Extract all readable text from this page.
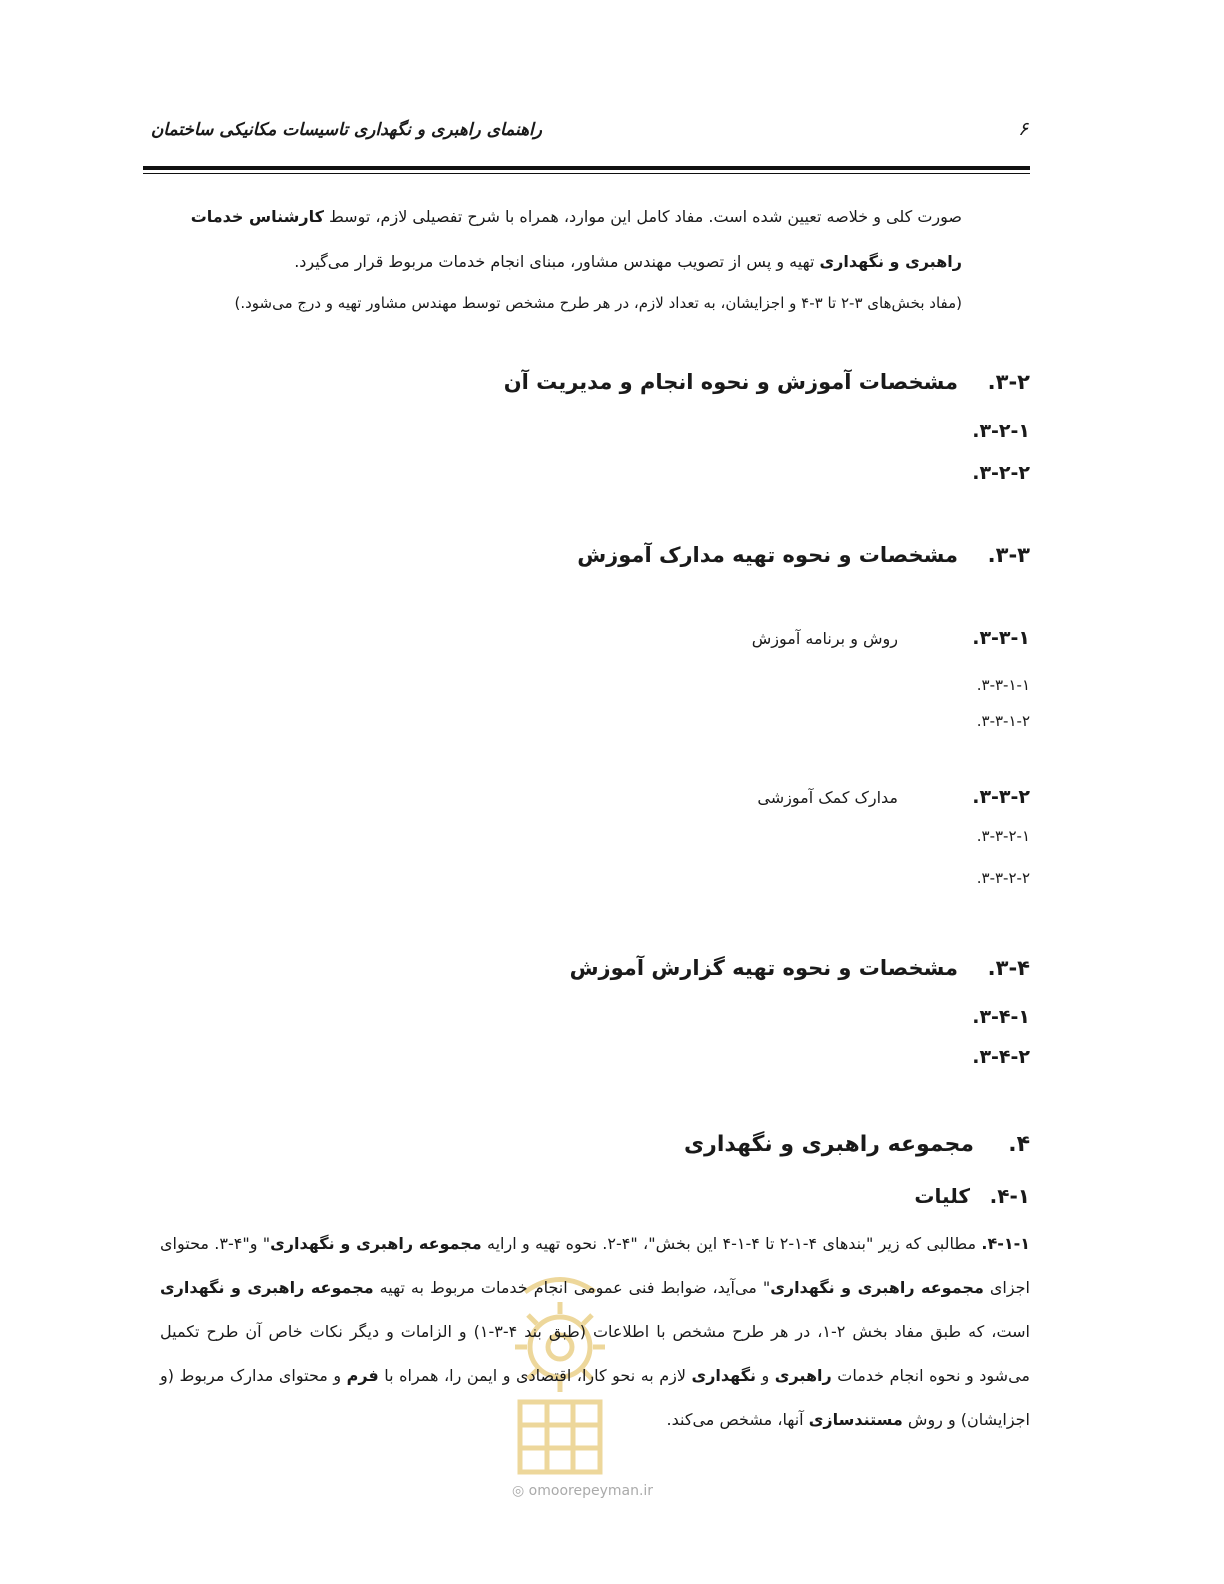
راهنمای راهبری و نگهداری تاسیسات مکانیکی ساختمان	۶
صورت کلی و خلاصه تعیین شده است. مفاد کامل این موارد، همراه با شرح تفصیلی لازم، توسط کارشناس خدمات
راهبری و نگهداری تهیه و پس از تصویب مهندس مشاور، مبنای انجام خدمات مربوط قرار می‌گیرد.
(مفاد بخش‌های ۳-۲ تا ۳-۴ و اجزایشان، به تعداد لازم، در هر طرح مشخص توسط مهندس مشاور تهیه و درج می‌شود.)
۳-۲.مشخصات آموزش و نحوه انجام و مدیریت آن
۳-۲-۱.
۳-۲-۲.
۳-۳.مشخصات و نحوه تهیه مدارک آموزش
۳-۳-۱.روش و برنامه آموزش
۳-۳-۱-۱.
۳-۳-۱-۲.
۳-۳-۲.مدارک کمک آموزشی
۳-۳-۲-۱.
۳-۳-۲-۲.
۳-۴.مشخصات و نحوه تهیه گزارش آموزش
۳-۴-۱.
۳-۴-۲.
۴.مجموعه راهبری و نگهداری
۴-۱.کلیات
۴-۱-۱. مطالبی که زیر "بندهای ۴-۱-۲ تا ۴-۱-۴ این بخش"، "۴-۲. نحوه تهیه و ارایه مجموعه راهبری و نگهداری" و"۴-۳. محتوای اجزای مجموعه راهبری و نگهداری" می‌آید، ضوابط فنی عمومی انجام خدمات مربوط به تهیه مجموعه راهبری و نگهداری است، که طبق مفاد بخش ۲-۱، در هر طرح مشخص با اطلاعات (طبق بند ۴-۳-۱) و الزامات و دیگر نکات خاص آن طرح تکمیل می‌شود و نحوه انجام خدمات راهبری و نگهداری لازم به نحو کارا، اقتصادی و ایمن را، همراه با فرم و محتوای مدارک مربوط (و اجزایشان) و روش مستندسازی آنها، مشخص می‌کند.
◎ omoorepeyman.ir
